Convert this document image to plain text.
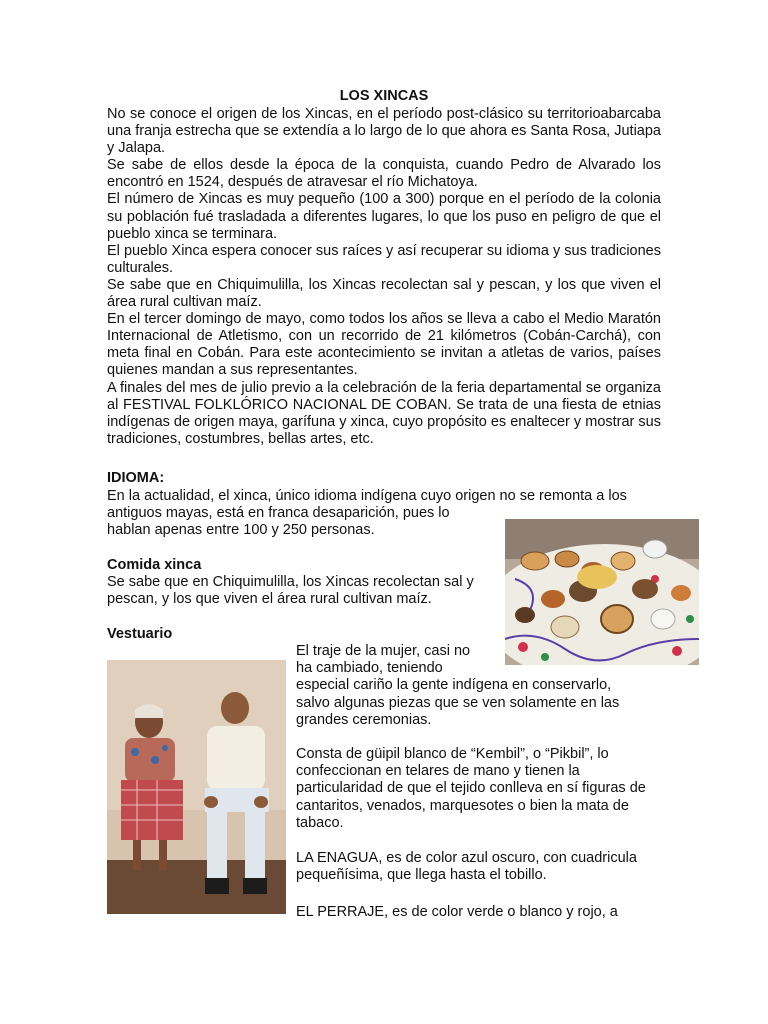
LOS XINCAS

No se conoce el origen de los Xincas, en el período post-clásico su territorioabarcaba una franja estrecha que se extendía a lo largo de lo que ahora es Santa Rosa, Jutiapa y Jalapa.

Se sabe de ellos desde la época de la conquista, cuando Pedro de Alvarado los encontró en 1524, después de atravesar el río Michatoya.

El número de Xincas es muy pequeño (100 a 300) porque en el período de la colonia su población fué trasladada a diferentes lugares, lo que los puso en peligro de que el pueblo xinca se terminara.

El pueblo Xinca espera conocer sus raíces y así recuperar su idioma y sus tradiciones culturales.

Se sabe que en Chiquimulilla, los Xincas recolectan sal y pescan, y los que viven el área rural cultivan maíz.

En el tercer domingo de mayo, como todos los años se lleva a cabo el Medio Maratón Internacional de Atletismo, con un recorrido de 21 kilómetros (Cobán-Carchá), con meta final en Cobán. Para este acontecimiento se invitan a atletas de varios, países quienes mandan a sus representantes.

A finales del mes de julio previo a la celebración de la feria departamental se organiza al FESTIVAL FOLKLÓRICO NACIONAL DE COBAN. Se trata de una fiesta de etnias indígenas de origen maya, garífuna y xinca, cuyo propósito es enaltecer y mostrar sus tradiciones, costumbres, bellas artes, etc.

IDIOMA:
En la actualidad, el xinca, único idioma indígena cuyo origen no se remonta a los
antiguos mayas, está en franca desaparición, pues lo
hablan apenas entre 100 y 250 personas.
Comida xinca
Se sabe que en Chiquimulilla, los Xincas recolectan sal y
pescan, y los que viven el área rural cultivan maíz.
Vestuario
El traje de la mujer, casi no
ha cambiado, teniendo
especial cariño la gente indígena en conservarlo,
salvo algunas piezas que se ven solamente en las
grandes ceremonias.
Consta de güipil blanco de “Kembil”, o “Pikbil”, lo
confeccionan en telares de mano y tienen la
particularidad de que el tejido conlleva en sí figuras de
cantaritos, venados, marquesotes o bien la mata de
tabaco.
LA ENAGUA, es de color azul oscuro, con cuadricula
pequeñísima, que llega hasta el tobillo.
EL PERRAJE, es de color verde o blanco y rojo, a
